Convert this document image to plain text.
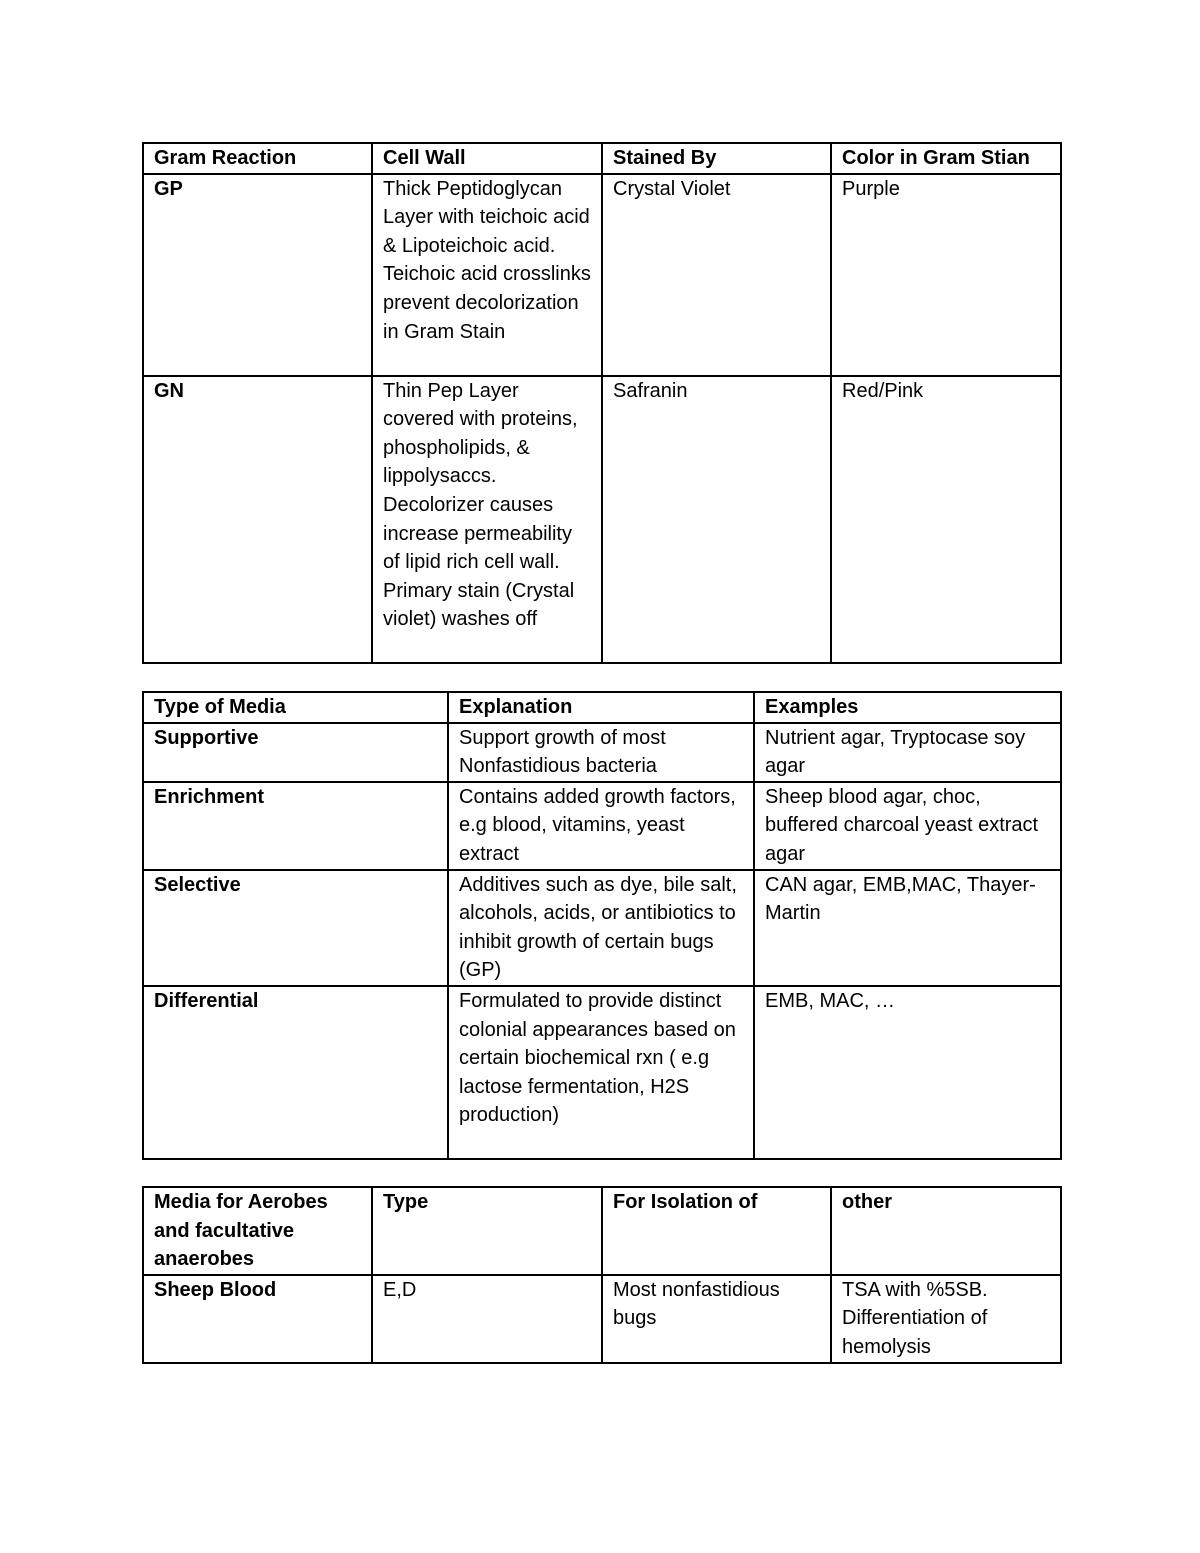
Gram Reaction	Cell Wall	Stained By	Color in Gram Stian
GP	Thick Peptidoglycan Layer with teichoic acid & Lipoteichoic acid. Teichoic acid crosslinks prevent decolorization in Gram Stain	Crystal Violet	Purple
GN	Thin Pep Layer covered with proteins, phospholipids, & lippolysaccs. Decolorizer causes increase permeability of lipid rich cell wall. Primary stain (Crystal violet) washes off	Safranin	Red/Pink
Type of Media	Explanation	Examples
Supportive	Support growth of most Nonfastidious bacteria	Nutrient agar, Tryptocase soy agar
Enrichment	Contains added growth factors, e.g blood, vitamins, yeast extract	Sheep blood agar, choc, buffered charcoal yeast extract agar
Selective	Additives such as dye, bile salt, alcohols, acids, or antibiotics to inhibit growth of certain bugs (GP)	CAN agar, EMB,MAC, Thayer-Martin
Differential	Formulated to provide distinct colonial appearances based on certain biochemical rxn ( e.g lactose fermentation, H2S production)	EMB, MAC, …
Media for Aerobes and facultative anaerobes	Type	For Isolation of	other
Sheep Blood	E,D	Most nonfastidious bugs	TSA with %5SB. Differentiation of hemolysis
